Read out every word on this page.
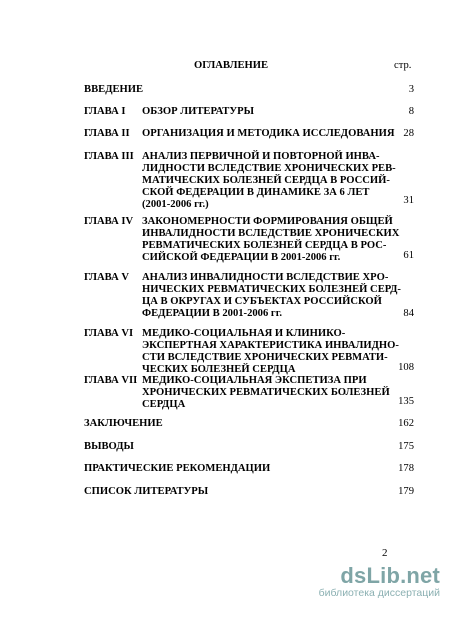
ОГЛАВЛЕНИЕ	стр.
ВВЕДЕНИЕ	3
ГЛАВА I ОБЗОР ЛИТЕРАТУРЫ	8
ГЛАВА II ОРГАНИЗАЦИЯ И МЕТОДИКА ИССЛЕДОВАНИЯ 28
ГЛАВА III АНАЛИЗ ПЕРВИЧНОЙ И ПОВТОРНОЙ ИНВА-
ЛИДНОСТИ ВСЛЕДСТВИЕ ХРОНИЧЕСКИХ РЕВ-
МАТИЧЕСКИХ БОЛЕЗНЕЙ СЕРДЦА В РОССИЙ-
СКОЙ ФЕДЕРАЦИИ В ДИНАМИКЕ ЗА 6 ЛЕТ
(2001-2006 гг.)	31
ГЛАВА IV ЗАКОНОМЕРНОСТИ ФОРМИРОВАНИЯ ОБЩЕЙ
ИНВАЛИДНОСТИ ВСЛЕДСТВИЕ ХРОНИЧЕСКИХ
РЕВМАТИЧЕСКИХ БОЛЕЗНЕЙ СЕРДЦА В РОС-
СИЙСКОЙ ФЕДЕРАЦИИ В 2001-2006 гг.	61
ГЛАВА V АНАЛИЗ ИНВАЛИДНОСТИ ВСЛЕДСТВИЕ ХРО-
НИЧЕСКИХ РЕВМАТИЧЕСКИХ БОЛЕЗНЕЙ СЕРД-
ЦА В ОКРУГАХ И СУБЪЕКТАХ РОССИЙСКОЙ
ФЕДЕРАЦИИ В 2001-2006 гг.	84
ГЛАВА VI МЕДИКО-СОЦИАЛЬНАЯ И КЛИНИКО-
ЭКСПЕРТНАЯ ХАРАКТЕРИСТИКА ИНВАЛИДНО-
СТИ ВСЛЕДСТВИЕ ХРОНИЧЕСКИХ РЕВМАТИ-
ЧЕСКИХ БОЛЕЗНЕЙ СЕРДЦА	108
ГЛАВА VII МЕДИКО-СОЦИАЛЬНАЯ ЭКСПЕТИЗА ПРИ
ХРОНИЧЕСКИХ РЕВМАТИЧЕСКИХ БОЛЕЗНЕЙ
СЕРДЦА	135
ЗАКЛЮЧЕНИЕ	162
ВЫВОДЫ	175
ПРАКТИЧЕСКИЕ РЕКОМЕНДАЦИИ	178
СПИСОК ЛИТЕРАТУРЫ	179
2
dsLib.net
библиотека диссертаций
